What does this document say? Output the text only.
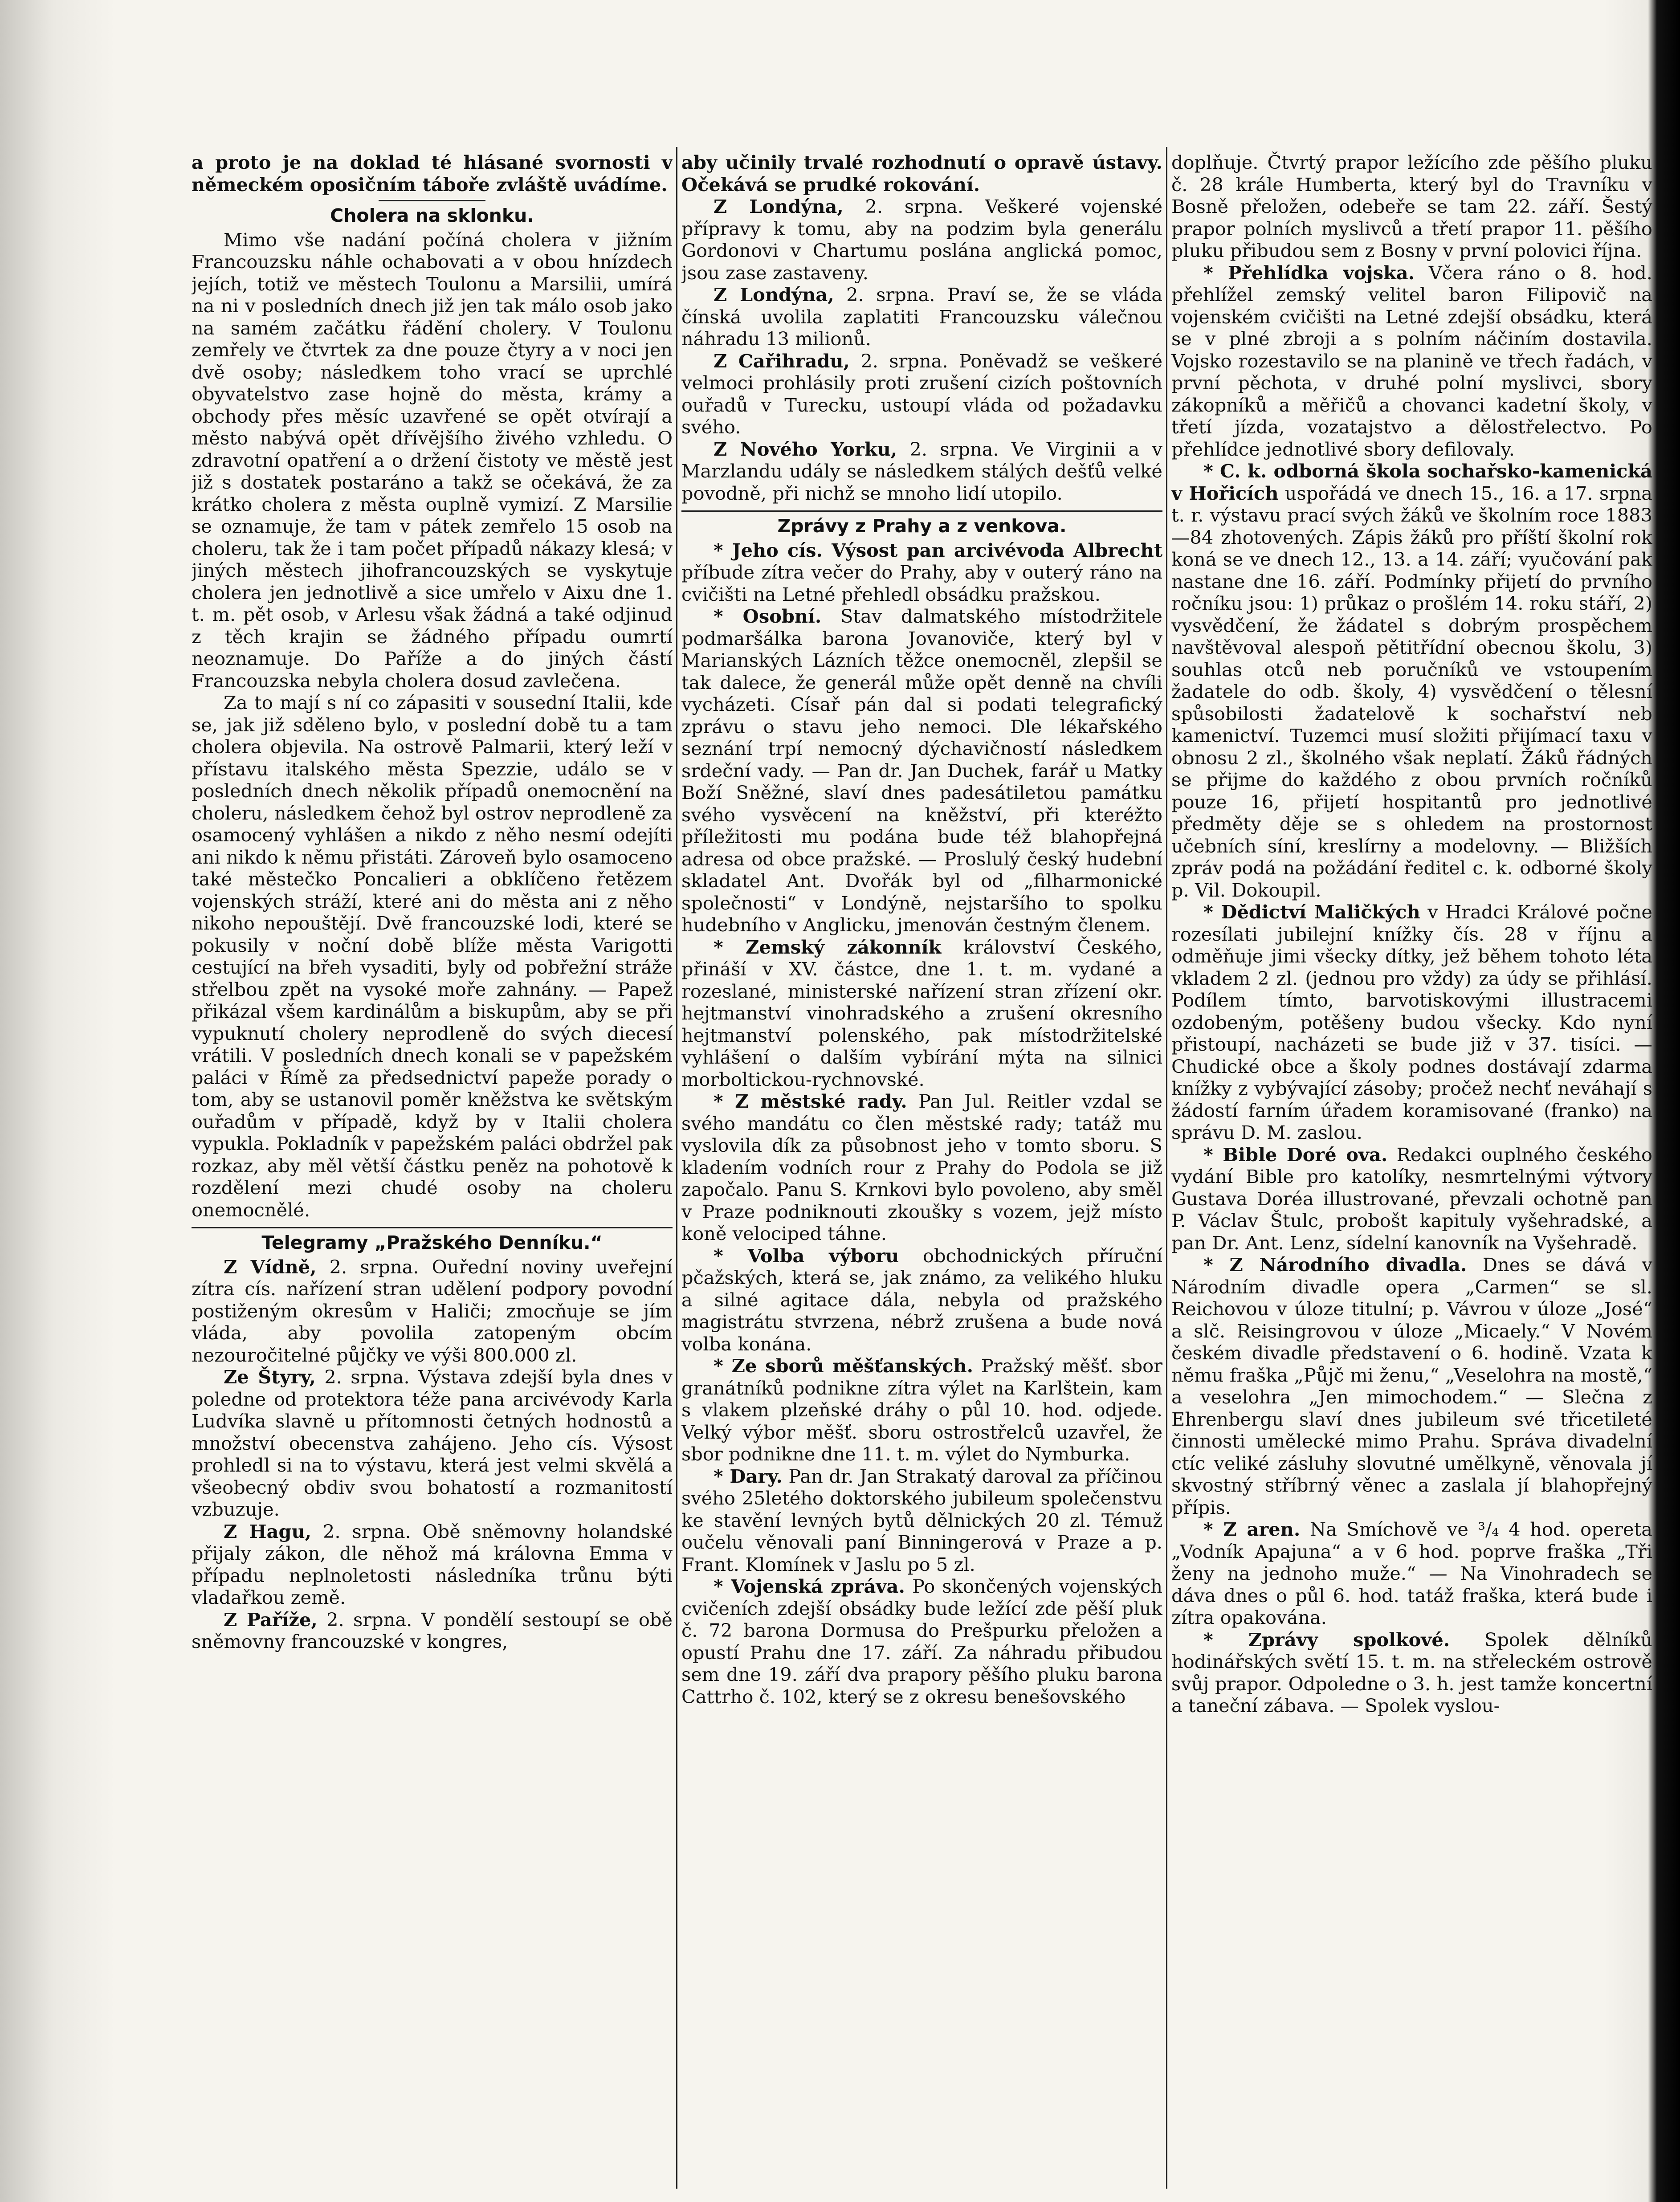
a proto je na doklad té hlásané svornosti v německém oposičním táboře zvláště uvádíme.

Cholera na sklonku.

Mimo vše nadání počíná cholera v jižním Francouzsku náhle ochabovati a v obou hnízdech jejích, totiž ve městech Toulonu a Marsilii, umírá na ni v posledních dnech již jen tak málo osob jako na samém začátku řádění cholery. V Toulonu zemřely ve čtvrtek za dne pouze čtyry a v noci jen dvě osoby; následkem toho vrací se uprchlé obyvatelstvo zase hojně do města, krámy a obchody přes měsíc uzavřené se opět otvírají a město nabývá opět dřívějšího živého vzhledu. O zdravotní opatření a o držení čistoty ve městě jest již s dostatek postaráno a takž se očekává, že za krátko cholera z města ouplně vymizí. Z Marsilie se oznamuje, že tam v pátek zemřelo 15 osob na choleru, tak že i tam počet případů nákazy klesá; v jiných městech jihofrancouzských se vyskytuje cholera jen jednotlivě a sice umřelo v Aixu dne 1. t. m. pět osob, v Arlesu však žádná a také odjinud z těch krajin se žádného případu oumrtí neoznamuje. Do Paříže a do jiných částí Francouzska nebyla cholera dosud zavlečena.

Za to mají s ní co zápasiti v sousední Italii, kde se, jak již sděleno bylo, v poslední době tu a tam cholera objevila. Na ostrově Palmarii, který leží v přístavu italského města Spezzie, událo se v posledních dnech několik případů onemocnění na choleru, následkem čehož byl ostrov neprodleně za osamocený vyhlášen a nikdo z něho nesmí odejíti ani nikdo k němu přistáti. Zároveň bylo osamoceno také městečko Poncalieri a obklíčeno řetězem vojenských stráží, které ani do města ani z něho nikoho nepouštějí. Dvě francouzské lodi, které se pokusily v noční době blíže města Varigotti cestující na břeh vysaditi, byly od pobřežní stráže střelbou zpět na vysoké moře zahnány. — Papež přikázal všem kardinálům a biskupům, aby se při vypuknutí cholery neprodleně do svých diecesí vrátili. V posledních dnech konali se v papežském paláci v Římě za předsednictví papeže porady o tom, aby se ustanovil poměr kněžstva ke světským ouřadům v případě, když by v Italii cholera vypukla. Pokladník v papežském paláci obdržel pak rozkaz, aby měl větší částku peněz na pohotově k rozdělení mezi chudé osoby na choleru onemocnělé.

Telegramy „Pražského Denníku.“

Z Vídně, 2. srpna. Ouřední noviny uveřejní zítra cís. nařízení stran udělení podpory povodní postiženým okresům v Haliči; zmocňuje se jím vláda, aby povolila zatopeným obcím nezouročitelné půjčky ve výši 800.000 zl.

Ze Štyry, 2. srpna. Výstava zdejší byla dnes v poledne od protektora téže pana arcivévody Karla Ludvíka slavně u přítomnosti četných hodnostů a množství obecenstva zahájeno. Jeho cís. Výsost prohledl si na to výstavu, která jest velmi skvělá a všeobecný obdiv svou bohatostí a rozmanitostí vzbuzuje.

Z Hagu, 2. srpna. Obě sněmovny holandské přijaly zákon, dle něhož má královna Emma v případu neplnoletosti následníka trůnu býti vladařkou země.

Z Paříže, 2. srpna. V pondělí sestoupí se obě sněmovny francouzské v kongres,

aby učinily trvalé rozhodnutí o opravě ústavy. Očekává se prudké rokování.

Z Londýna, 2. srpna. Veškeré vojenské přípravy k tomu, aby na podzim byla generálu Gordonovi v Chartumu poslána anglická pomoc, jsou zase zastaveny.

Z Londýna, 2. srpna. Praví se, že se vláda čínská uvolila zaplatiti Francouzsku válečnou náhradu 13 milionů.

Z Cařihradu, 2. srpna. Poněvadž se veškeré velmoci prohlásily proti zrušení cizích poštovních ouřadů v Turecku, ustoupí vláda od požadavku svého.

Z Nového Yorku, 2. srpna. Ve Virginii a v Marzlandu udály se následkem stálých dešťů velké povodně, při nichž se mnoho lidí utopilo.

Zprávy z Prahy a z venkova.

* Jeho cís. Výsost pan arcivévoda Albrecht příbude zítra večer do Prahy, aby v outerý ráno na cvičišti na Letné přehledl obsádku pražskou.

* Osobní. Stav dalmatského místodržitele podmaršálka barona Jovanoviče, který byl v Marianských Lázních těžce onemocněl, zlepšil se tak dalece, že generál může opět denně na chvíli vycházeti. Císař pán dal si podati telegrafický zprávu o stavu jeho nemoci. Dle lékařského seznání trpí nemocný dýchavičností následkem srdeční vady. — Pan dr. Jan Duchek, farář u Matky Boží Sněžné, slaví dnes padesátiletou památku svého vysvěcení na kněžství, při kteréžto příležitosti mu podána bude též blahopřejná adresa od obce pražské. — Proslulý český hudební skladatel Ant. Dvořák byl od „filharmonické společnosti“ v Londýně, nejstaršího to spolku hudebního v Anglicku, jmenován čestným členem.

* Zemský zákonník království Českého, přináší v XV. částce, dne 1. t. m. vydané a rozeslané, ministerské nařízení stran zřízení okr. hejtmanství vinohradského a zrušení okresního hejtmanství polenského, pak místodržitelské vyhlášení o dalším vybírání mýta na silnici morboltickou-rychnovské.

* Z městské rady. Pan Jul. Reitler vzdal se svého mandátu co člen městské rady; tatáž mu vyslovila dík za působnost jeho v tomto sboru. S kladením vodních rour z Prahy do Podola se již započalo. Panu S. Krnkovi bylo povoleno, aby směl v Praze podniknouti zkoušky s vozem, jejž místo koně velociped táhne.

* Volba výboru obchodnických příruční pčažských, která se, jak známo, za velikého hluku a silné agitace dála, nebyla od pražského magistrátu stvrzena, nébrž zrušena a bude nová volba konána.

* Ze sborů měšťanských. Pražský měšť. sbor granátníků podnikne zítra výlet na Karlštein, kam s vlakem plzeňské dráhy o půl 10. hod. odjede. Velký výbor měšť. sboru ostrostřelců uzavřel, že sbor podnikne dne 11. t. m. výlet do Nymburka.

* Dary. Pan dr. Jan Strakatý daroval za příčinou svého 25letého doktorského jubileum společenstvu ke stavění levných bytů dělnických 20 zl. Témuž oučelu věnovali paní Binningerová v Praze a p. Frant. Klomínek v Jaslu po 5 zl.

* Vojenská zpráva. Po skončených vojenských cvičeních zdejší obsádky bude ležící zde pěší pluk č. 72 barona Dormusa do Prešpurku přeložen a opustí Prahu dne 17. září. Za náhradu přibudou sem dne 19. září dva prapory pěšího pluku barona Cattrho č. 102, který se z okresu benešovského

doplňuje. Čtvrtý prapor ležícího zde pěšího pluku č. 28 krále Humberta, který byl do Travníku v Bosně přeložen, odebeře se tam 22. září. Šestý prapor polních myslivců a třetí prapor 11. pěšího pluku přibudou sem z Bosny v první polovici října.

* Přehlídka vojska. Včera ráno o 8. hod. přehlížel zemský velitel baron Filipovič na vojenském cvičišti na Letné zdejší obsádku, která se v plné zbroji a s polním náčiním dostavila. Vojsko rozestavilo se na planině ve třech řadách, v první pěchota, v druhé polní myslivci, sbory zákopníků a měřičů a chovanci kadetní školy, v třetí jízda, vozatajstvo a dělostřelectvo. Po přehlídce jednotlivé sbory defilovaly.

* C. k. odborná škola sochařsko-kamenická v Hořicích uspořádá ve dnech 15., 16. a 17. srpna t. r. výstavu prací svých žáků ve školním roce 1883—84 zhotovených. Zápis žáků pro příští školní rok koná se ve dnech 12., 13. a 14. září; vyučování pak nastane dne 16. září. Podmínky přijetí do prvního ročníku jsou: 1) průkaz o prošlém 14. roku stáří, 2) vysvědčení, že žádatel s dobrým prospěchem navštěvoval alespoň pětitřídní obecnou školu, 3) souhlas otců neb poručníků ve vstoupením žadatele do odb. školy, 4) vysvědčení o tělesní spůsobilosti žadatelově k sochařství neb kamenictví. Tuzemci musí složiti přijímací taxu v obnosu 2 zl., školného však neplatí. Žáků řádných se přijme do každého z obou prvních ročníků pouze 16, přijetí hospitantů pro jednotlivé předměty děje se s ohledem na prostornost učebních síní, kreslírny a modelovny. — Bližších zpráv podá na požádání ředitel c. k. odborné školy p. Vil. Dokoupil.

* Dědictví Maličkých v Hradci Králové počne rozesílati jubilejní knížky čís. 28 v říjnu a odměňuje jimi všecky dítky, jež během tohoto léta vkladem 2 zl. (jednou pro vždy) za údy se přihlásí. Podílem tímto, barvotiskovými illustracemi ozdobeným, potěšeny budou všecky. Kdo nyní přistoupí, nacházeti se bude již v 37. tisíci. — Chudické obce a školy podnes dostávají zdarma knížky z vybývající zásoby; pročež nechť neváhají s žádostí farním úřadem koramisované (franko) na správu D. M. zaslou.

* Bible Doré ova. Redakci ouplného českého vydání Bible pro katolíky, nesmrtelnými výtvory Gustava Doréa illustrované, převzali ochotně pan P. Václav Štulc, probošt kapituly vyšehradské, a pan Dr. Ant. Lenz, sídelní kanovník na Vyšehradě.

* Z Národního divadla. Dnes se dává v Národním divadle opera „Carmen“ se sl. Reichovou v úloze titulní; p. Vávrou v úloze „José“ a slč. Reisingrovou v úloze „Micaely.“ V Novém českém divadle představení o 6. hodině. Vzata k němu fraška „Půjč mi ženu,“ „Veselohra na mostě,“ a veselohra „Jen mimochodem.“ — Slečna z Ehrenbergu slaví dnes jubileum své třicetileté činnosti umělecké mimo Prahu. Správa divadelní ctíc veliké zásluhy slovutné umělkyně, věnovala jí skvostný stříbrný věnec a zaslala jí blahopřejný přípis.

* Z aren. Na Smíchově ve ³/₄ 4 hod. opereta „Vodník Apajuna“ a v 6 hod. poprve fraška „Tři ženy na jednoho muže.“ — Na Vinohradech se dáva dnes o půl 6. hod. tatáž fraška, která bude i zítra opakována.

* Zprávy spolkové. Spolek dělníků hodinářských světí 15. t. m. na střeleckém ostrově svůj prapor. Odpoledne o 3. h. jest tamže koncertní a taneční zábava. — Spolek vyslou-
